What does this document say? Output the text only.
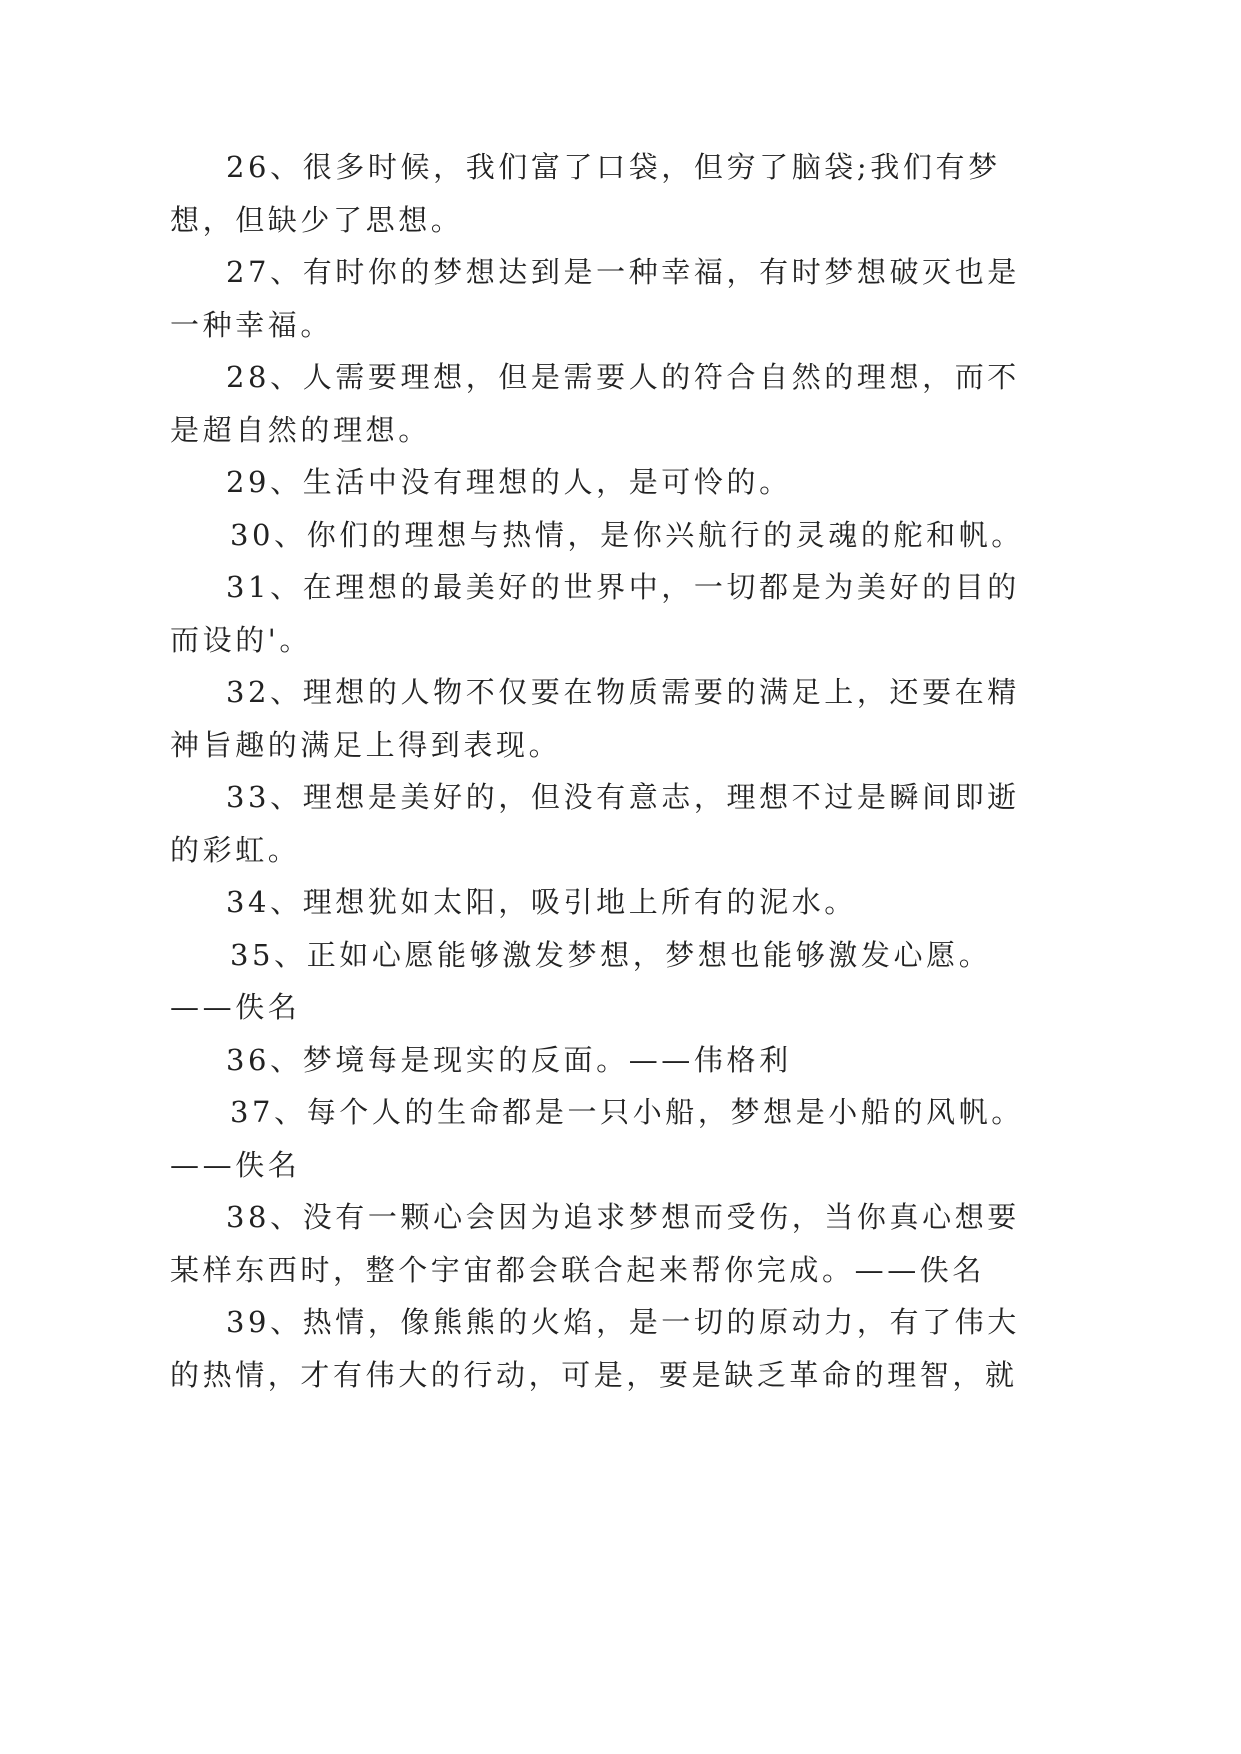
26、很多时候，我们富了口袋，但穷了脑袋;我们有梦
想，但缺少了思想。
27、有时你的梦想达到是一种幸福，有时梦想破灭也是
一种幸福。
28、人需要理想，但是需要人的符合自然的理想，而不
是超自然的理想。
29、生活中没有理想的人，是可怜的。
30、你们的理想与热情，是你兴航行的灵魂的舵和帆。
31、在理想的最美好的世界中，一切都是为美好的目的
而设的'。
32、理想的人物不仅要在物质需要的满足上，还要在精
神旨趣的满足上得到表现。
33、理想是美好的，但没有意志，理想不过是瞬间即逝
的彩虹。
34、理想犹如太阳，吸引地上所有的泥水。
35、正如心愿能够激发梦想，梦想也能够激发心愿。
——佚名
36、梦境每是现实的反面。——伟格利
37、每个人的生命都是一只小船，梦想是小船的风帆。
——佚名
38、没有一颗心会因为追求梦想而受伤，当你真心想要
某样东西时，整个宇宙都会联合起来帮你完成。——佚名
39、热情，像熊熊的火焰，是一切的原动力，有了伟大
的热情，才有伟大的行动，可是，要是缺乏革命的理智，就
